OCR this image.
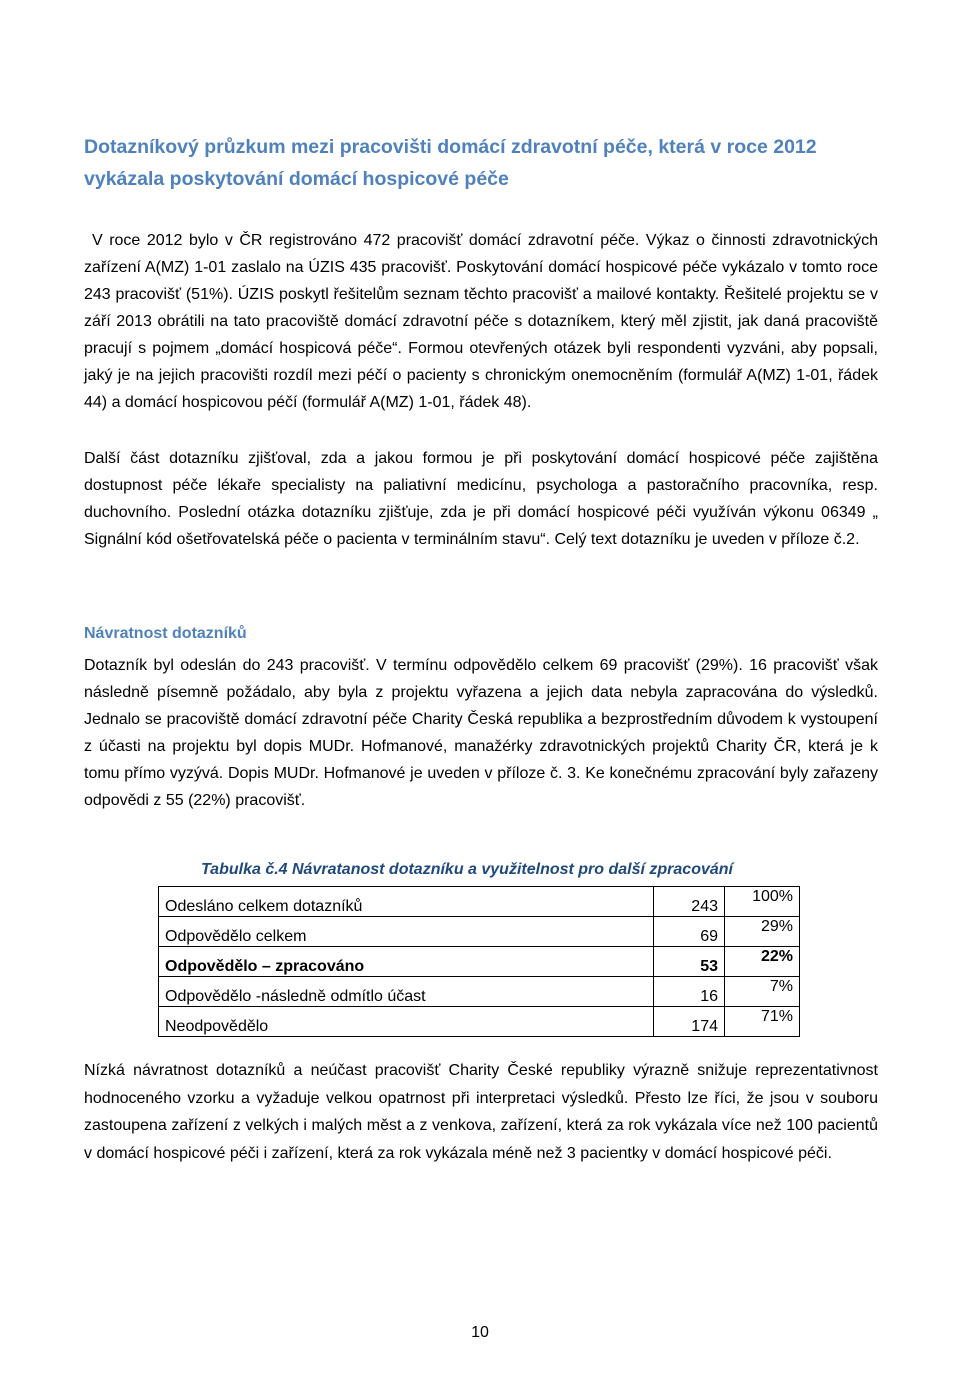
Dotazníkový průzkum mezi pracovišti domácí zdravotní péče, která v roce 2012 vykázala poskytování domácí hospicové péče

V roce 2012 bylo v ČR registrováno 472 pracovišť domácí zdravotní péče. Výkaz o činnosti zdravotnických zařízení A(MZ) 1-01 zaslalo na ÚZIS 435 pracovišť. Poskytování domácí hospicové péče vykázalo v tomto roce 243 pracovišť (51%). ÚZIS poskytl řešitelům seznam těchto pracovišť a mailové kontakty. Řešitelé projektu se v září 2013 obrátili na tato pracoviště domácí zdravotní péče s dotazníkem, který měl zjistit, jak daná pracoviště pracují s pojmem „domácí hospicová péče“. Formou otevřených otázek byli respondenti vyzváni, aby popsali, jaký je na jejich pracovišti rozdíl mezi péčí o pacienty s chronickým onemocněním (formulář A(MZ) 1-01, řádek 44) a domácí hospicovou péčí (formulář A(MZ) 1-01, řádek 48).

Další část dotazníku zjišťoval, zda a jakou formou je při poskytování domácí hospicové péče zajištěna dostupnost péče lékaře specialisty na paliativní medicínu, psychologa a pastoračního pracovníka, resp. duchovního. Poslední otázka dotazníku zjišťuje, zda je při domácí hospicové péči využíván výkonu 06349 „ Signální kód ošetřovatelská péče o pacienta v terminálním stavu“. Celý text dotazníku je uveden v příloze č.2.

Návratnost dotazníků

Dotazník byl odeslán do 243 pracovišť. V termínu odpovědělo celkem 69 pracovišť (29%). 16 pracovišť však následně písemně požádalo, aby byla z projektu vyřazena a jejich data nebyla zapracována do výsledků. Jednalo se pracoviště domácí zdravotní péče Charity Česká republika a bezprostředním důvodem k vystoupení z účasti na projektu byl dopis MUDr. Hofmanové, manažérky zdravotnických projektů Charity ČR, která je k tomu přímo vyzývá. Dopis MUDr. Hofmanové je uveden v příloze č. 3. Ke konečnému zpracování byly zařazeny odpovědi z 55 (22%) pracovišť.

Tabulka č.4 Návratanost dotazníku a využitelnost pro další zpracování

Odesláno celkem dotazníků	243	100%
Odpovědělo celkem	69	29%
Odpovědělo – zpracováno	53	22%
Odpovědělo -následně odmítlo účast	16	7%
Neodpovědělo	174	71%

Nízká návratnost dotazníků a neúčast pracovišť Charity České republiky výrazně snižuje reprezentativnost hodnoceného vzorku a vyžaduje velkou opatrnost při interpretaci výsledků. Přesto lze říci, že jsou v souboru zastoupena zařízení z velkých i malých měst a z venkova, zařízení, která za rok vykázala více než 100 pacientů v domácí hospicové péči i zařízení, která za rok vykázala méně než 3 pacientky v domácí hospicové péči.

10
